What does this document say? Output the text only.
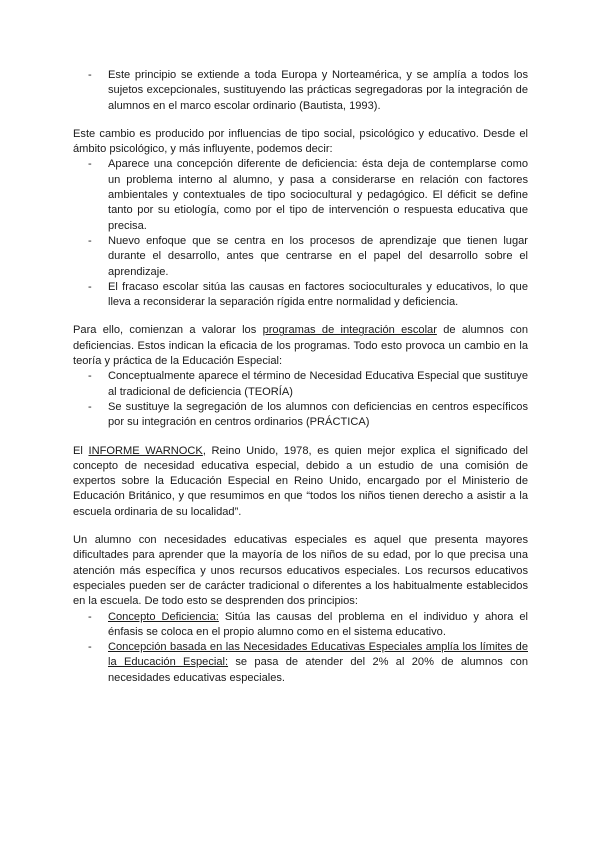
- Este principio se extiende a toda Europa y Norteamérica, y se amplía a todos los sujetos excepcionales, sustituyendo las prácticas segregadoras por la integración de alumnos en el marco escolar ordinario (Bautista, 1993).

Este cambio es producido por influencias de tipo social, psicológico y educativo. Desde el ámbito psicológico, y más influyente, podemos decir:

- Aparece una concepción diferente de deficiencia: ésta deja de contemplarse como un problema interno al alumno, y pasa a considerarse en relación con factores ambientales y contextuales de tipo sociocultural y pedagógico. El déficit se define tanto por su etiología, como por el tipo de intervención o respuesta educativa que precisa.
- Nuevo enfoque que se centra en los procesos de aprendizaje que tienen lugar durante el desarrollo, antes que centrarse en el papel del desarrollo sobre el aprendizaje.
- El fracaso escolar sitúa las causas en factores socioculturales y educativos, lo que lleva a reconsiderar la separación rígida entre normalidad y deficiencia.

Para ello, comienzan a valorar los programas de integración escolar de alumnos con deficiencias. Estos indican la eficacia de los programas. Todo esto provoca un cambio en la teoría y práctica de la Educación Especial:

- Conceptualmente aparece el término de Necesidad Educativa Especial que sustituye al tradicional de deficiencia (TEORÍA)
- Se sustituye la segregación de los alumnos con deficiencias en centros específicos por su integración en centros ordinarios (PRÁCTICA)

El INFORME WARNOCK, Reino Unido, 1978, es quien mejor explica el significado del concepto de necesidad educativa especial, debido a un estudio de una comisión de expertos sobre la Educación Especial en Reino Unido, encargado por el Ministerio de Educación Británico, y que resumimos en que “todos los niños tienen derecho a asistir a la escuela ordinaria de su localidad”.

Un alumno con necesidades educativas especiales es aquel que presenta mayores dificultades para aprender que la mayoría de los niños de su edad, por lo que precisa una atención más específica y unos recursos educativos especiales. Los recursos educativos especiales pueden ser de carácter tradicional o diferentes a los habitualmente establecidos en la escuela. De todo esto se desprenden dos principios:

- Concepto Deficiencia: Sitúa las causas del problema en el individuo y ahora el énfasis se coloca en el propio alumno como en el sistema educativo.
- Concepción basada en las Necesidades Educativas Especiales amplía los límites de la Educación Especial: se pasa de atender del 2% al 20% de alumnos con necesidades educativas especiales.
